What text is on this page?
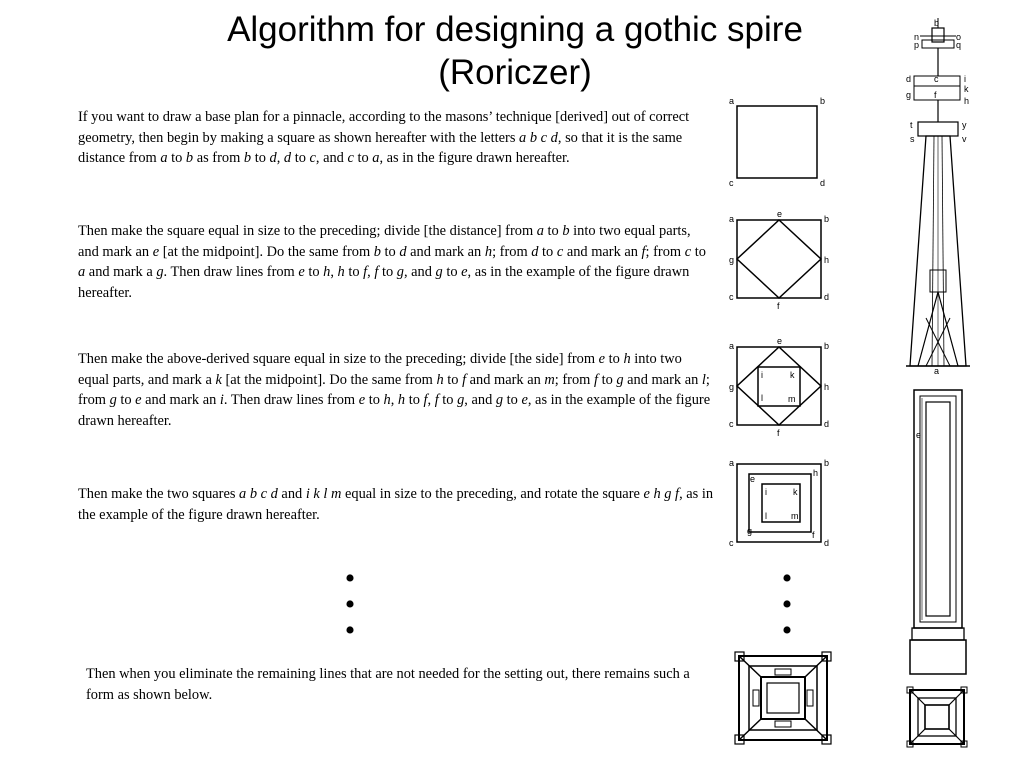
Algorithm for designing a gothic spire (Roriczer)
If you want to draw a base plan for a pinnacle, according to the masons’ technique [derived] out of correct geometry, then begin by making a square as shown hereafter with the letters a b c d, so that it is the same distance from a to b as from b to d, d to c, and c to a, as in the figure drawn hereafter.
Then make the square equal in size to the preceding; divide [the distance] from a to b into two equal parts, and mark an e [at the midpoint]. Do the same from b to d and mark an h; from d to c and mark an f; from c to a and mark a g. Then draw lines from e to h, h to f, f to g, and g to e, as in the example of the figure drawn hereafter.
Then make the above-derived square equal in size to the preceding; divide [the side] from e to h into two equal parts, and mark a k [at the midpoint]. Do the same from h to f and mark an m; from f to g and mark an l; from g to e and mark an i. Then draw lines from e to h, h to f, f to g, and g to e, as in the example of the figure drawn hereafter.
Then make the two squares a b c d and i k l m equal in size to the preceding, and rotate the square e h g f, as in the example of the figure drawn hereafter.
Then when you eliminate the remaining lines that are not needed for the setting out, there remains such a form as shown below.
•
•
•
•
•
•
a	b
c	d
a	e	b
g	h
c
f
d
a	e	b
g	h
c
f
d
i	k
l	m
a	b
e
h
i	k
l	m
g	f
c	d
b
n
p
o
q
d	c	i
k
g	f
h
t	y
s	v
a
e
